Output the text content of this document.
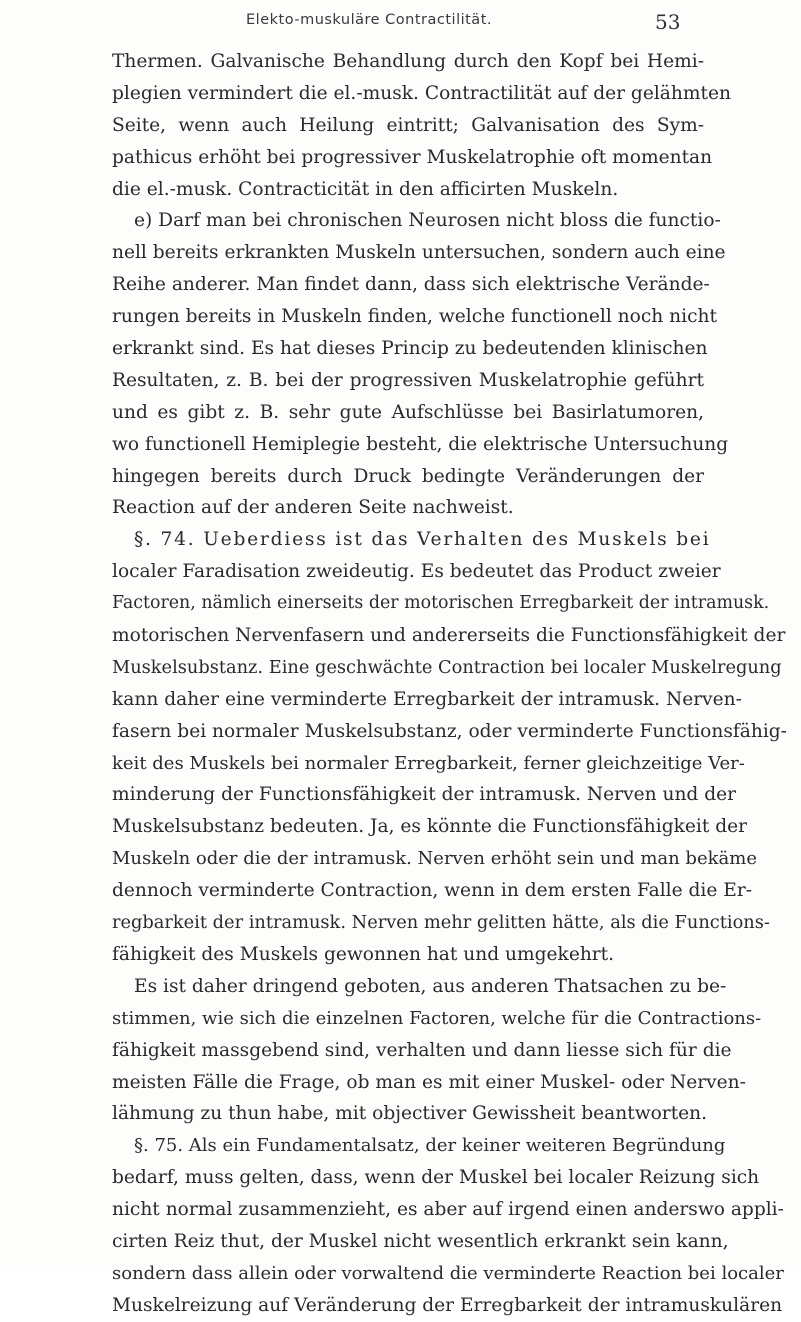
Elekto-muskuläre Contractilität.	53
Thermen. Galvanische Behandlung durch den Kopf bei Hemi-
plegien vermindert die el.-musk. Contractilität auf der gelähmten
Seite, wenn auch Heilung eintritt; Galvanisation des Sym-
pathicus erhöht bei progressiver Muskelatrophie oft momentan
die el.-musk. Contracticität in den afficirten Muskeln.
e) Darf man bei chronischen Neurosen nicht bloss die functio-
nell bereits erkrankten Muskeln untersuchen, sondern auch eine
Reihe anderer. Man findet dann, dass sich elektrische Verände-
rungen bereits in Muskeln finden, welche functionell noch nicht
erkrankt sind. Es hat dieses Princip zu bedeutenden klinischen
Resultaten, z. B. bei der progressiven Muskelatrophie geführt
und es gibt z. B. sehr gute Aufschlüsse bei Basirlatumoren,
wo functionell Hemiplegie besteht, die elektrische Untersuchung
hingegen bereits durch Druck bedingte Veränderungen der
Reaction auf der anderen Seite nachweist.
§. 74. Ueberdiess ist das Verhalten des Muskels bei
localer Faradisation zweideutig. Es bedeutet das Product zweier
Factoren, nämlich einerseits der motorischen Erregbarkeit der intramusk.
motorischen Nervenfasern und andererseits die Functionsfähigkeit der
Muskelsubstanz. Eine geschwächte Contraction bei localer Muskelregung
kann daher eine verminderte Erregbarkeit der intramusk. Nerven-
fasern bei normaler Muskelsubstanz, oder verminderte Functionsfähig-
keit des Muskels bei normaler Erregbarkeit, ferner gleichzeitige Ver-
minderung der Functionsfähigkeit der intramusk. Nerven und der
Muskelsubstanz bedeuten. Ja, es könnte die Functionsfähigkeit der
Muskeln oder die der intramusk. Nerven erhöht sein und man bekäme
dennoch verminderte Contraction, wenn in dem ersten Falle die Er-
regbarkeit der intramusk. Nerven mehr gelitten hätte, als die Functions-
fähigkeit des Muskels gewonnen hat und umgekehrt.
Es ist daher dringend geboten, aus anderen Thatsachen zu be-
stimmen, wie sich die einzelnen Factoren, welche für die Contractions-
fähigkeit massgebend sind, verhalten und dann liesse sich für die
meisten Fälle die Frage, ob man es mit einer Muskel- oder Nerven-
lähmung zu thun habe, mit objectiver Gewissheit beantworten.
§. 75. Als ein Fundamentalsatz, der keiner weiteren Begründung
bedarf, muss gelten, dass, wenn der Muskel bei localer Reizung sich
nicht normal zusammenzieht, es aber auf irgend einen anderswo appli-
cirten Reiz thut, der Muskel nicht wesentlich erkrankt sein kann,
sondern dass allein oder vorwaltend die verminderte Reaction bei localer
Muskelreizung auf Veränderung der Erregbarkeit der intramuskulären
